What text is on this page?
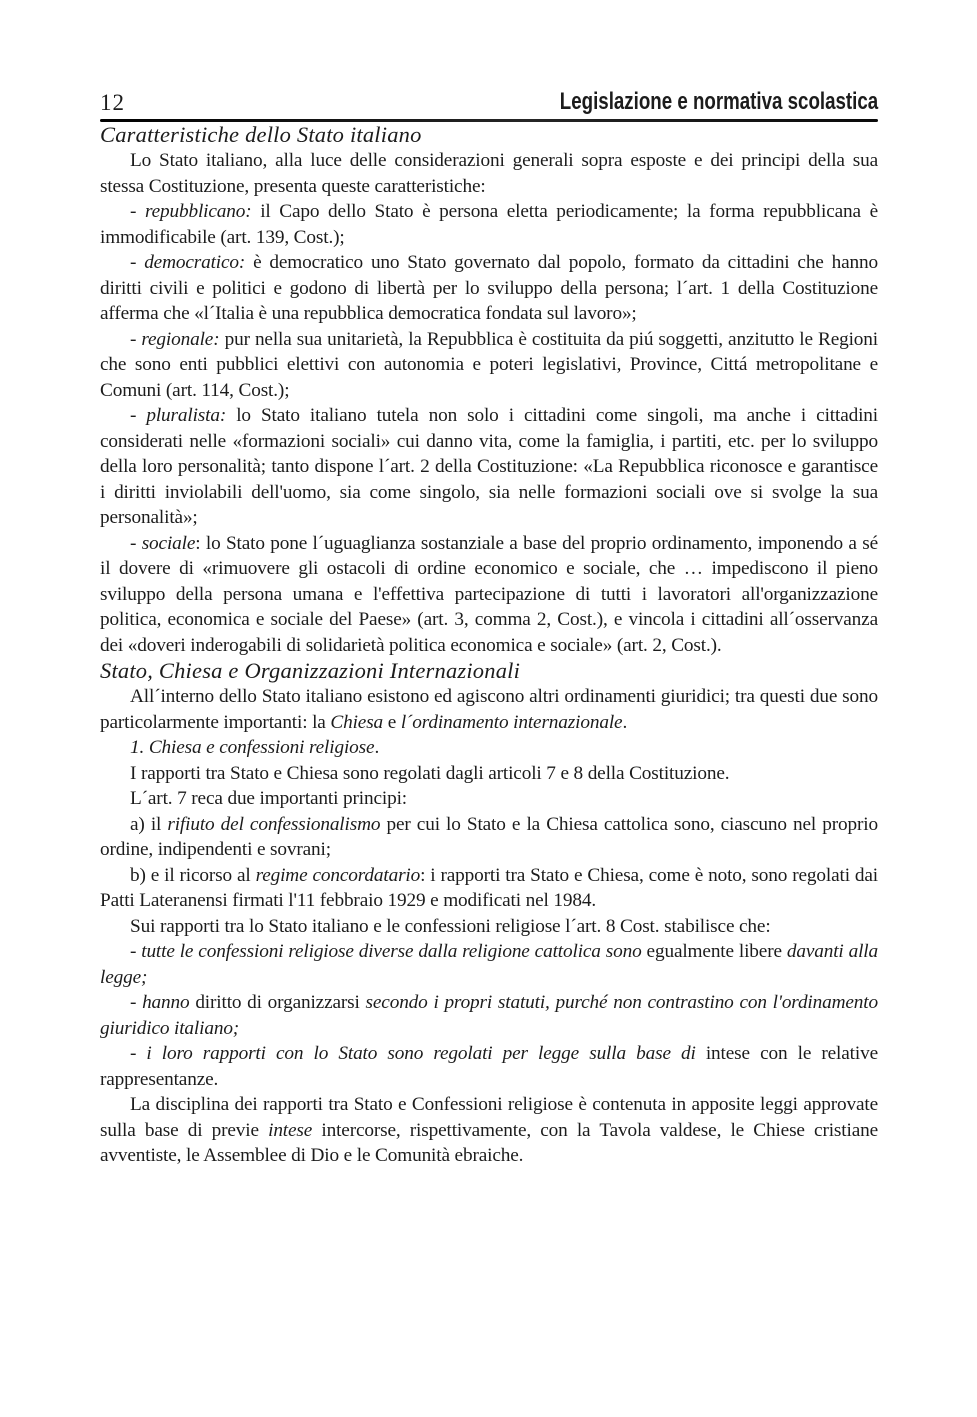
12	Legislazione e normativa scolastica
Caratteristiche dello Stato italiano

Lo Stato italiano, alla luce delle considerazioni generali sopra esposte e dei principi della sua stessa Costituzione, presenta queste caratteristiche:

- repubblicano: il Capo dello Stato è persona eletta periodicamente; la forma repubblicana è immodificabile (art. 139, Cost.);

- democratico: è democratico uno Stato governato dal popolo, formato da cittadini che hanno diritti civili e politici e godono di libertà per lo sviluppo della persona; l´art. 1 della Costituzione afferma che «l´Italia è una repubblica democratica fondata sul lavoro»;

- regionale: pur nella sua unitarietà, la Repubblica è costituita da piú soggetti, anzitutto le Regioni che sono enti pubblici elettivi con autonomia e poteri legislativi, Province, Cittá metropolitane e Comuni (art. 114, Cost.);

- pluralista: lo Stato italiano tutela non solo i cittadini come singoli, ma anche i cittadini considerati nelle «formazioni sociali» cui danno vita, come la famiglia, i partiti, etc. per lo sviluppo della loro personalità; tanto dispone l´art. 2 della Costituzione: «La Repubblica riconosce e garantisce i diritti inviolabili dell'uomo, sia come singolo, sia nelle formazioni sociali ove si svolge la sua personalità»;

- sociale: lo Stato pone l´uguaglianza sostanziale a base del proprio ordinamento, imponendo a sé il dovere di «rimuovere gli ostacoli di ordine economico e sociale, che … impediscono il pieno sviluppo della persona umana e l'effettiva partecipazione di tutti i lavoratori all'organizzazione politica, economica e sociale del Paese» (art. 3, comma 2, Cost.), e vincola i cittadini all´osservanza dei «doveri inderogabili di solidarietà politica economica e sociale» (art. 2, Cost.).

Stato, Chiesa e Organizzazioni Internazionali

All´interno dello Stato italiano esistono ed agiscono altri ordinamenti giuridici; tra questi due sono particolarmente importanti: la Chiesa e l´ordinamento internazionale.

1. Chiesa e confessioni religiose.

I rapporti tra Stato e Chiesa sono regolati dagli articoli 7 e 8 della Costituzione.

L´art. 7 reca due importanti principi:

a) il rifiuto del confessionalismo per cui lo Stato e la Chiesa cattolica sono, ciascuno nel proprio ordine, indipendenti e sovrani;

b) e il ricorso al regime concordatario: i rapporti tra Stato e Chiesa, come è noto, sono regolati dai Patti Lateranensi firmati l'11 febbraio 1929 e modificati nel 1984.

Sui rapporti tra lo Stato italiano e le confessioni religiose l´art. 8 Cost. stabilisce che:

- tutte le confessioni religiose diverse dalla religione cattolica sono egualmente libere davanti alla legge;

- hanno diritto di organizzarsi secondo i propri statuti, purché non contrastino con l'ordinamento giuridico italiano;

- i loro rapporti con lo Stato sono regolati per legge sulla base di intese con le relative rappresentanze.

La disciplina dei rapporti tra Stato e Confessioni religiose è contenuta in apposite leggi approvate sulla base di previe intese intercorse, rispettivamente, con la Tavola valdese, le Chiese cristiane avventiste, le Assemblee di Dio e le Comunità ebraiche.
